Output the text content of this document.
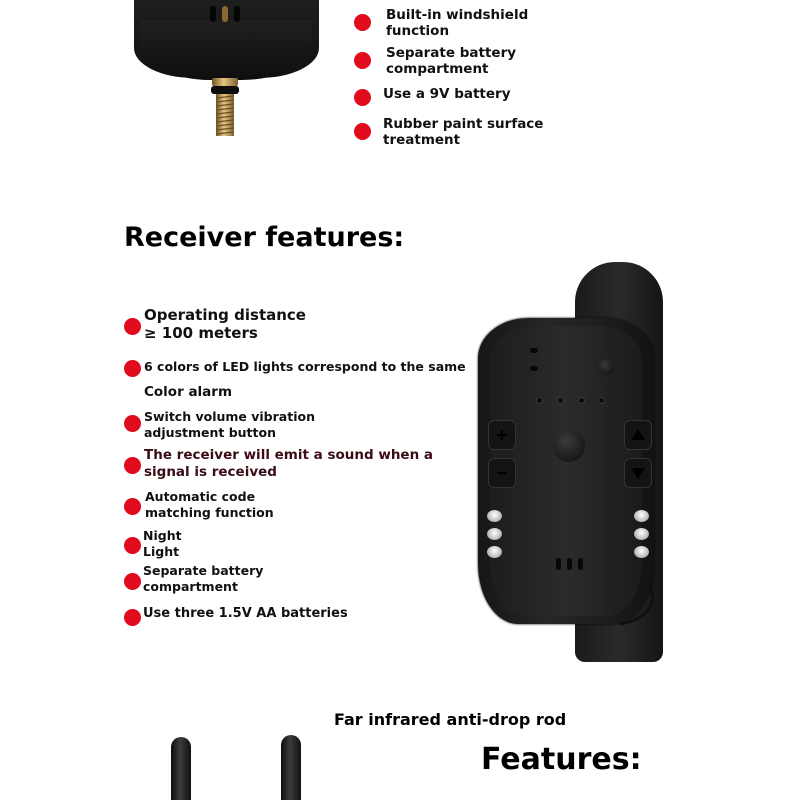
Built-in windshield
function
Separate battery
compartment
Use a 9V battery
Rubber paint surface
treatment
Receiver features:
Operating distance
≥ 100 meters
6 colors of LED lights correspond to the same
Color alarm
Switch volume vibration
adjustment button
The receiver will emit a sound when a
signal is received
Automatic code
matching function
Night
Light
Separate battery
compartment
Use three 1.5V AA batteries
Far infrared anti-drop rod
Features:
